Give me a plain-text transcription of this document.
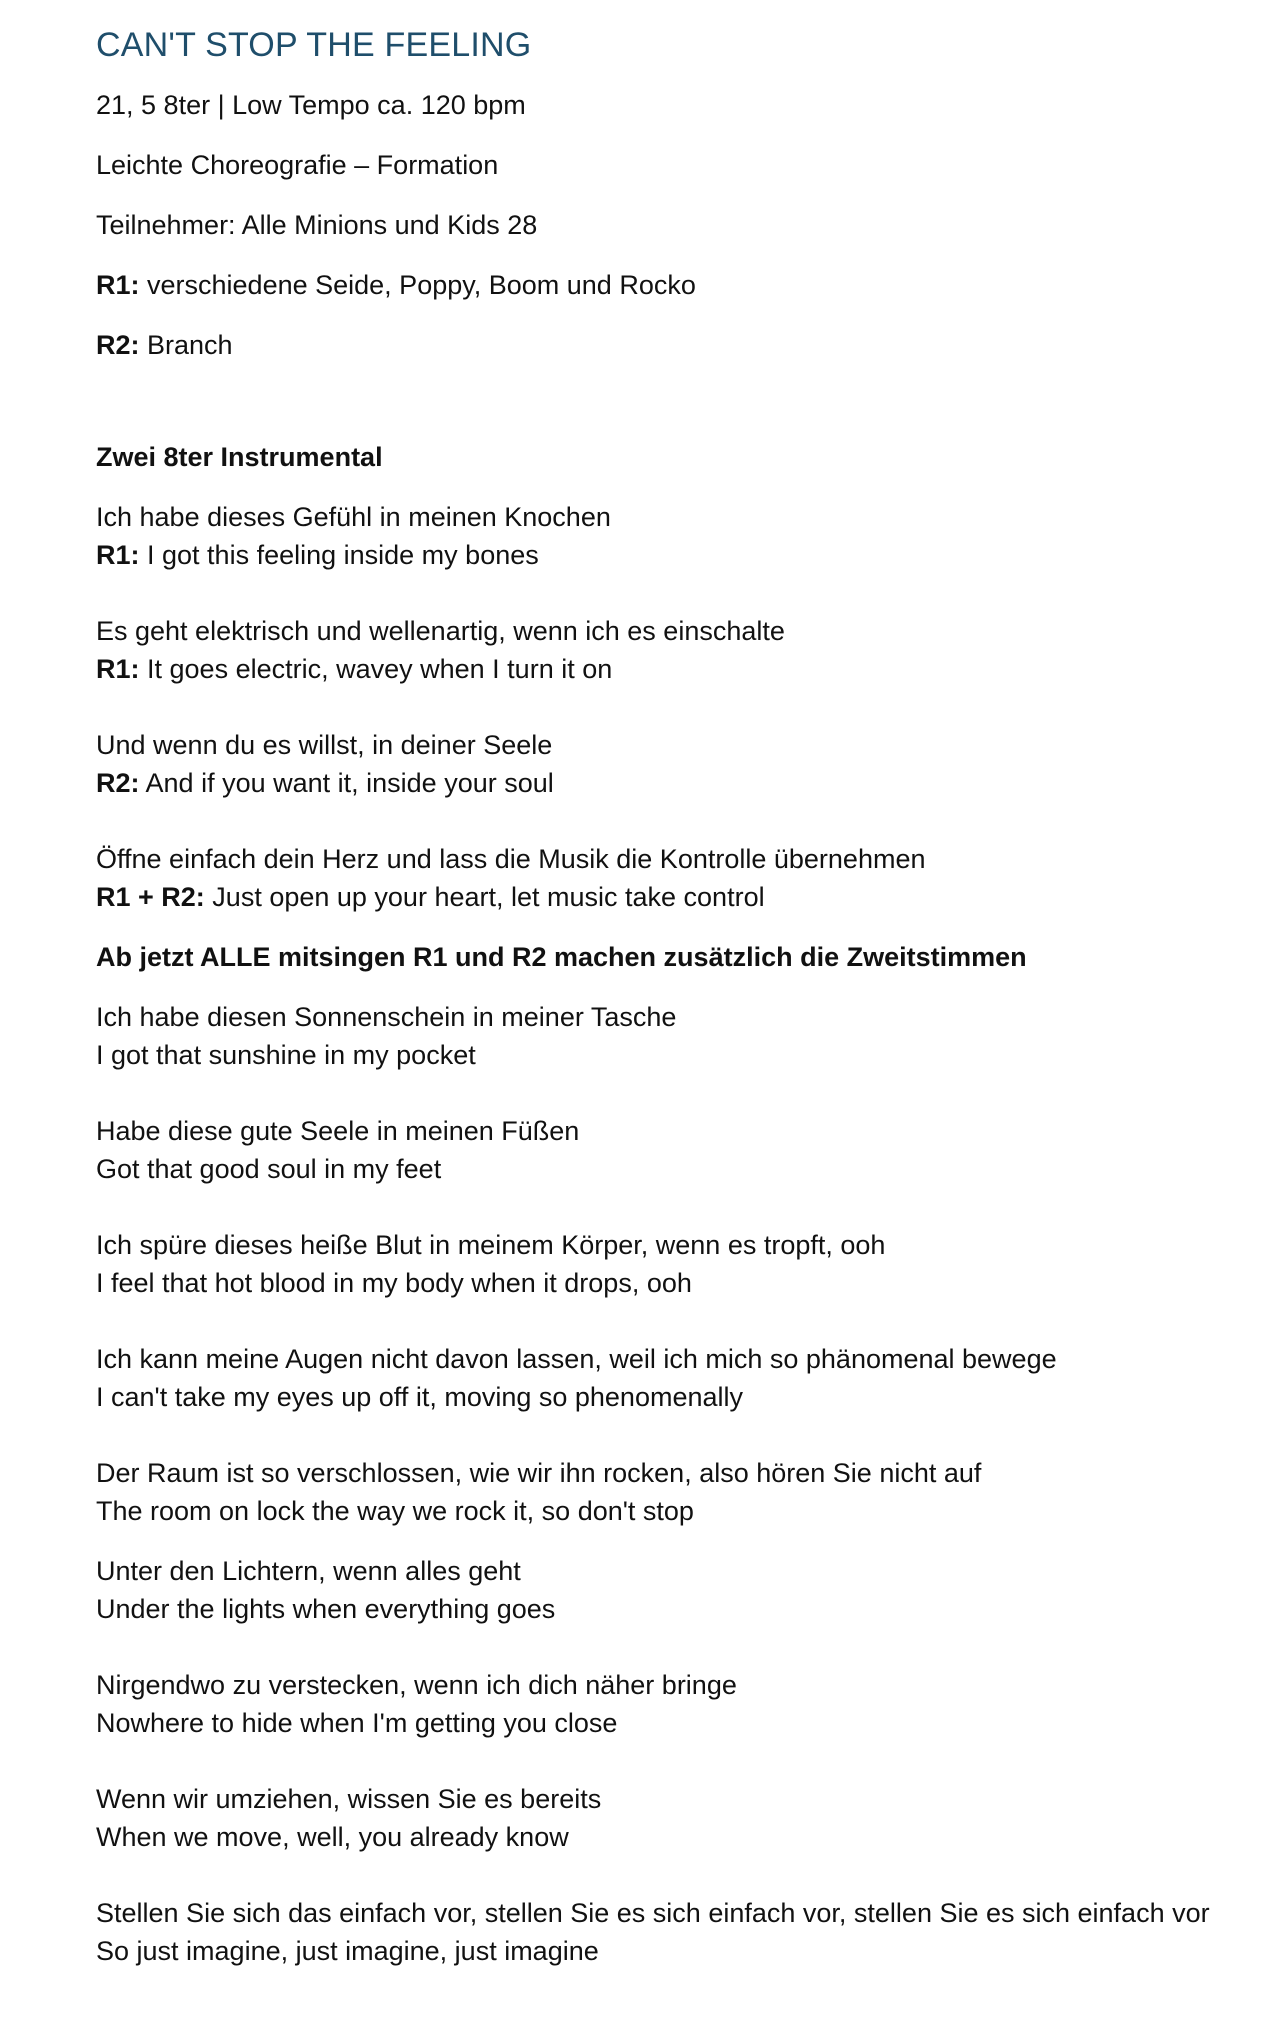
CAN'T STOP THE FEELING
21, 5 8ter | Low Tempo ca. 120 bpm
Leichte Choreografie – Formation
Teilnehmer: Alle Minions und Kids 28
R1: verschiedene Seide, Poppy, Boom und Rocko
R2: Branch
Zwei 8ter Instrumental
Ich habe dieses Gefühl in meinen Knochen
R1: I got this feeling inside my bones
Es geht elektrisch und wellenartig, wenn ich es einschalte
R1: It goes electric, wavey when I turn it on
Und wenn du es willst, in deiner Seele
R2: And if you want it, inside your soul
Öffne einfach dein Herz und lass die Musik die Kontrolle übernehmen
R1 + R2: Just open up your heart, let music take control
Ab jetzt ALLE mitsingen R1 und R2 machen zusätzlich die Zweitstimmen
Ich habe diesen Sonnenschein in meiner Tasche
I got that sunshine in my pocket
Habe diese gute Seele in meinen Füßen
Got that good soul in my feet
Ich spüre dieses heiße Blut in meinem Körper, wenn es tropft, ooh
I feel that hot blood in my body when it drops, ooh
Ich kann meine Augen nicht davon lassen, weil ich mich so phänomenal bewege
I can't take my eyes up off it, moving so phenomenally
Der Raum ist so verschlossen, wie wir ihn rocken, also hören Sie nicht auf
The room on lock the way we rock it, so don't stop
Unter den Lichtern, wenn alles geht
Under the lights when everything goes
Nirgendwo zu verstecken, wenn ich dich näher bringe
Nowhere to hide when I'm getting you close
Wenn wir umziehen, wissen Sie es bereits
When we move, well, you already know
Stellen Sie sich das einfach vor, stellen Sie es sich einfach vor, stellen Sie es sich einfach vor
So just imagine, just imagine, just imagine
